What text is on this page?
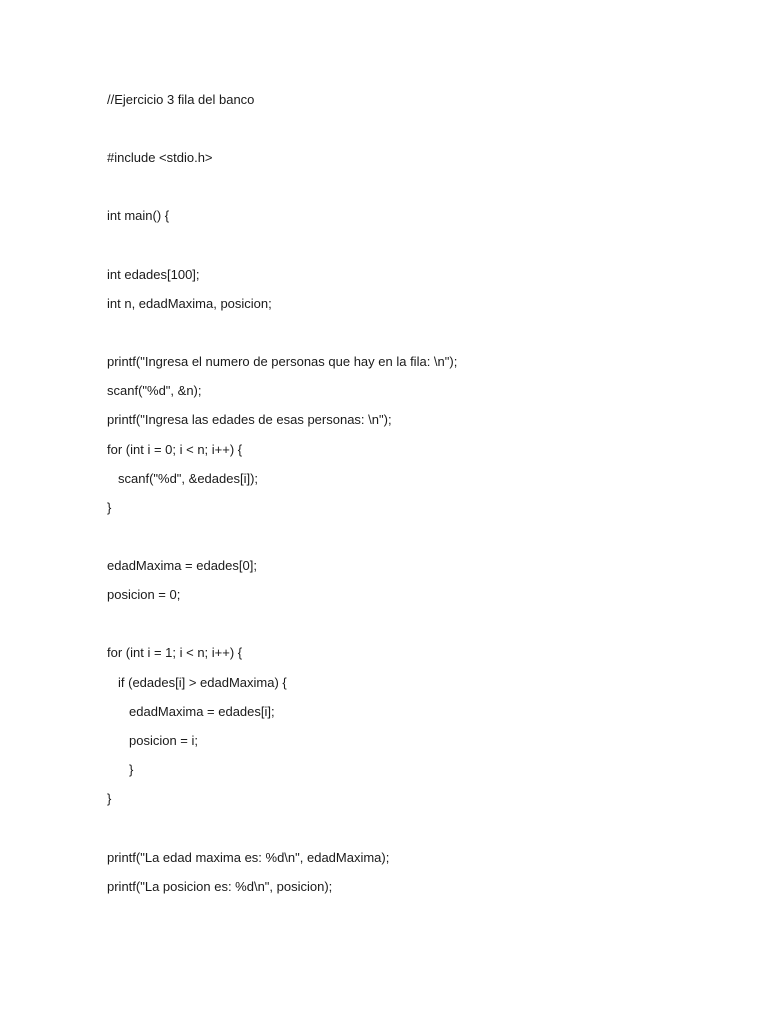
//Ejercicio 3 fila del banco

#include <stdio.h>

int main() {

int edades[100];

int n, edadMaxima, posicion;

printf("Ingresa el numero de personas que hay en la fila: \n");

scanf("%d", &n);

printf("Ingresa las edades de esas personas: \n");

for (int i = 0; i < n; i++) {

scanf("%d", &edades[i]);

}

edadMaxima = edades[0];

posicion = 0;

for (int i = 1; i < n; i++) {

if (edades[i] > edadMaxima) {

edadMaxima = edades[i];

posicion = i;

}

}

printf("La edad maxima es: %d\n", edadMaxima);

printf("La posicion es: %d\n", posicion);
